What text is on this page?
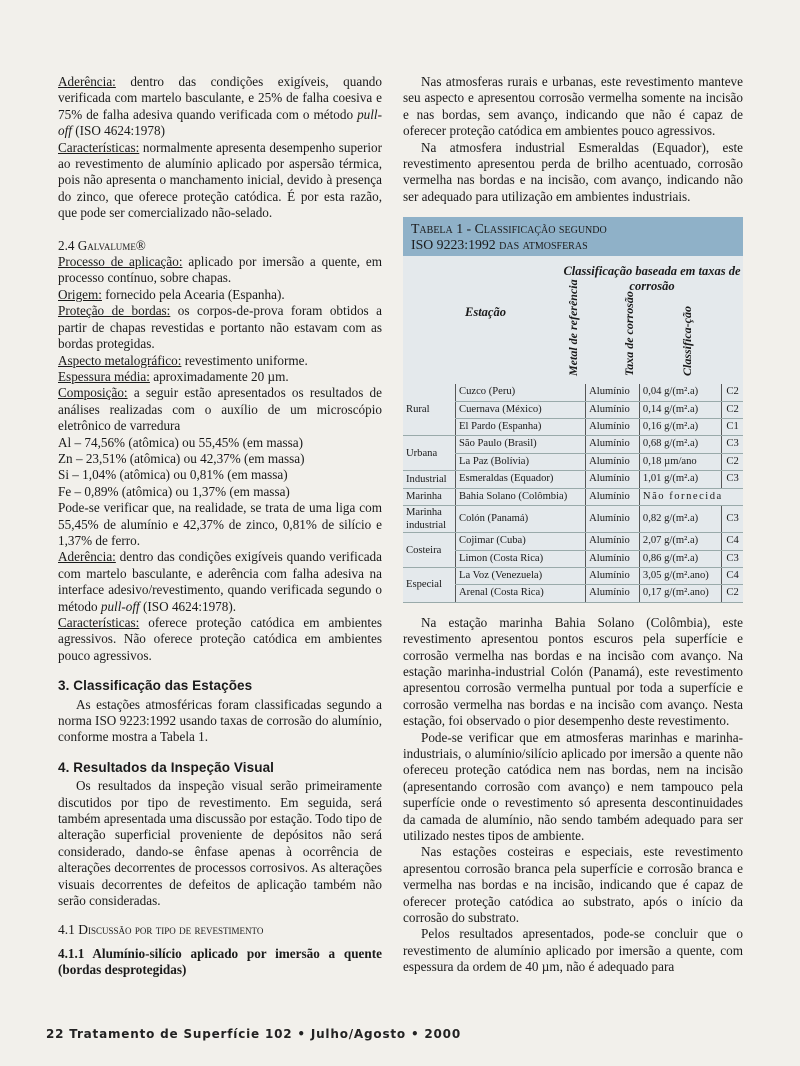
Aderência: dentro das condições exigíveis, quando verificada com martelo basculante, e 25% de falha coesiva e 75% de falha adesiva quando verificada com o método pull-off (ISO 4624:1978)

Características: normalmente apresenta desempenho superior ao revestimento de alumínio aplicado por aspersão térmica, pois não apresenta o manchamento inicial, devido à presença do zinco, que oferece proteção catódica. É por esta razão, que pode ser comercializado não-selado.

2.4 Galvalume®

Processo de aplicação: aplicado por imersão a quente, em processo contínuo, sobre chapas.

Origem: fornecido pela Acearia (Espanha).

Proteção de bordas: os corpos-de-prova foram obtidos a partir de chapas revestidas e portanto não estavam com as bordas protegidas.

Aspecto metalográfico: revestimento uniforme.

Espessura média: aproximadamente 20 µm.

Composição: a seguir estão apresentados os resultados de análises realizadas com o auxílio de um microscópio eletrônico de varredura

Al – 74,56% (atômica) ou 55,45% (em massa)

Zn – 23,51% (atômica) ou 42,37% (em massa)

Si – 1,04% (atômica) ou 0,81% (em massa)

Fe – 0,89% (atômica) ou 1,37% (em massa)

Pode-se verificar que, na realidade, se trata de uma liga com 55,45% de alumínio e 42,37% de zinco, 0,81% de silício e 1,37% de ferro.

Aderência: dentro das condições exigíveis quando verificada com martelo basculante, e aderência com falha adesiva na interface adesivo/revestimento, quando verificada segundo o método pull-off (ISO 4624:1978).

Características: oferece proteção catódica em ambientes agressivos. Não oferece proteção catódica em ambientes pouco agressivos.

3. Classificação das Estações

As estações atmosféricas foram classificadas segundo a norma ISO 9223:1992 usando taxas de corrosão do alumínio, conforme mostra a Tabela 1.

4. Resultados da Inspeção Visual

Os resultados da inspeção visual serão primeiramente discutidos por tipo de revestimento. Em seguida, será também apresentada uma discussão por estação. Todo tipo de alteração superficial proveniente de depósitos não será considerado, dando-se ênfase apenas à ocorrência de alterações decorrentes de processos corrosivos. As alterações visuais decorrentes de defeitos de aplicação também não serão consideradas.

4.1 Discussão por tipo de revestimento

4.1.1 Alumínio-silício aplicado por imersão a quente (bordas desprotegidas)

Nas atmosferas rurais e urbanas, este revestimento manteve seu aspecto e apresentou corrosão vermelha somente na incisão e nas bordas, sem avanço, indicando que não é capaz de oferecer proteção catódica em ambientes pouco agressivos.

Na atmosfera industrial Esmeraldas (Equador), este revestimento apresentou perda de brilho acentuado, corrosão vermelha nas bordas e na incisão, com avanço, indicando não ser adequado para utilização em ambientes industriais.

Tabela 1 - Classificação segundo
ISO 9223:1992 das atmosferas
Classificação baseada em taxas de corrosão
Estação	Metal de referência	Taxa de corrosão	Classifica-ção
Rural	Cuzco (Peru)	Alumínio	0,04 g/(m².a)	C2
	Cuernava (México)	Alumínio	0,14 g/(m².a)	C2
	El Pardo (Espanha)	Alumínio	0,16 g/(m².a)	C1
Urbana	São Paulo (Brasil)	Alumínio	0,68 g/(m².a)	C3
	La Paz (Bolívia)	Alumínio	0,18 µm/ano	C2
Industrial	Esmeraldas (Equador)	Alumínio	1,01 g/(m².a)	C3
Marinha	Bahia Solano (Colômbia)	Alumínio	Não fornecida	
Marinha industrial	Colón (Panamá)	Alumínio	0,82 g/(m².a)	C3
Costeira	Cojimar (Cuba)	Alumínio	2,07 g/(m².a)	C4
	Limon (Costa Rica)	Alumínio	0,86 g/(m².a)	C3
Especial	La Voz (Venezuela)	Alumínio	3,05 g/(m².ano)	C4
	Arenal (Costa Rica)	Alumínio	0,17 g/(m².ano)	C2

Na estação marinha Bahia Solano (Colômbia), este revestimento apresentou pontos escuros pela superfície e corrosão vermelha nas bordas e na incisão com avanço. Na estação marinha-industrial Colón (Panamá), este revestimento apresentou corrosão vermelha puntual por toda a superfície e corrosão vermelha nas bordas e na incisão com avanço. Nesta estação, foi observado o pior desempenho deste revestimento.

Pode-se verificar que em atmosferas marinhas e marinha-industriais, o alumínio/silício aplicado por imersão a quente não ofereceu proteção catódica nem nas bordas, nem na incisão (apresentando corrosão com avanço) e nem tampouco pela superfície onde o revestimento só apresenta descontinuidades da camada de alumínio, não sendo também adequado para ser utilizado nestes tipos de ambiente.

Nas estações costeiras e especiais, este revestimento apresentou corrosão branca pela superfície e corrosão branca e vermelha nas bordas e na incisão, indicando que é capaz de oferecer proteção catódica ao substrato, após o início da corrosão do substrato.

Pelos resultados apresentados, pode-se concluir que o revestimento de alumínio aplicado por imersão a quente, com espessura da ordem de 40 µm, não é adequado para

22 Tratamento de Superfície 102 • Julho/Agosto • 2000
